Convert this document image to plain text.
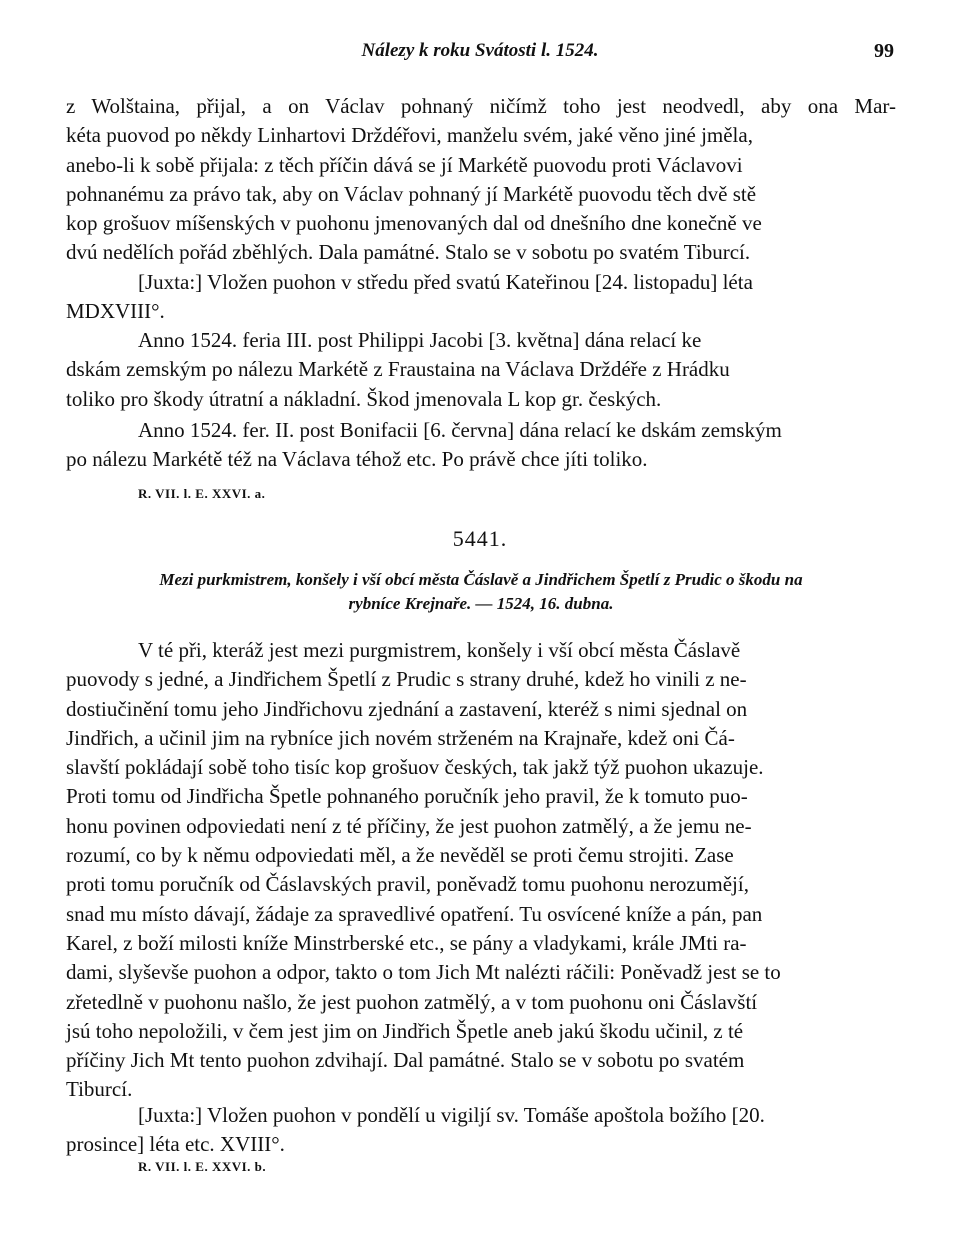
Nálezy k roku Svátosti l. 1524.	99
z Wolštaina, přijal, a on Václav pohnaný ničímž toho jest neodvedl, aby ona Mar-
kéta puovod po někdy Linhartovi Drždéřovi, manželu svém, jaké věno jiné jměla,
anebo-li k sobě přijala: z těch příčin dává se jí Markétě puovodu proti Václavovi
pohnanému za právo tak, aby on Václav pohnaný jí Markétě puovodu těch dvě stě
kop grošuov míšenských v puohonu jmenovaných dal od dnešního dne konečně ve
dvú nedělích pořád zběhlých. Dala památné. Stalo se v sobotu po svatém Tiburcí.
[Juxta:] Vložen puohon v středu před svatú Kateřinou [24. listopadu] léta
MDXVIII°.
Anno 1524. feria III. post Philippi Jacobi [3. května] dána relací ke
dskám zemským po nálezu Markétě z Fraustaina na Václava Drždéře z Hrádku
toliko pro škody útratní a nákladní. Škod jmenovala L kop gr. českých.
Anno 1524. fer. II. post Bonifacii [6. června] dána relací ke dskám zemským
po nálezu Markétě též na Václava téhož etc. Po právě chce jíti toliko.
R. VII. l. E. XXVI. a.
5441.
Mezi purkmistrem, konšely i vší obcí města Čáslavě a Jindřichem Špetlí z Prudic o škodu na
rybníce Krejnaře. — 1524, 16. dubna.
V té při, kteráž jest mezi purgmistrem, konšely i vší obcí města Čáslavě
puovody s jedné, a Jindřichem Špetlí z Prudic s strany druhé, kdež ho vinili z ne-
dostiučinění tomu jeho Jindřichovu zjednání a zastavení, kteréž s nimi sjednal on
Jindřich, a učinil jim na rybníce jich novém strženém na Krajnaře, kdež oni Čá-
slavští pokládají sobě toho tisíc kop grošuov českých, tak jakž týž puohon ukazuje.
Proti tomu od Jindřicha Špetle pohnaného poručník jeho pravil, že k tomuto puo-
honu povinen odpoviedati není z té příčiny, že jest puohon zatmělý, a že jemu ne-
rozumí, co by k němu odpoviedati měl, a že nevěděl se proti čemu strojiti. Zase
proti tomu poručník od Čáslavských pravil, poněvadž tomu puohonu nerozumějí,
snad mu místo dávají, žádaje za spravedlivé opatření. Tu osvícené kníže a pán, pan
Karel, z boží milosti kníže Minstrberské etc., se pány a vladykami, krále JMti ra-
dami, slyševše puohon a odpor, takto o tom Jich Mt nalézti ráčili: Poněvadž jest se to
zřetedlně v puohonu našlo, že jest puohon zatmělý, a v tom puohonu oni Čáslavští
jsú toho nepoložili, v čem jest jim on Jindřich Špetle aneb jakú škodu učinil, z té
příčiny Jich Mt tento puohon zdvihají. Dal památné. Stalo se v sobotu po svatém
Tiburcí.
[Juxta:] Vložen puohon v pondělí u vigiljí sv. Tomáše apoštola božího [20.
prosince] léta etc. XVIII°.
R. VII. l. E. XXVI. b.
